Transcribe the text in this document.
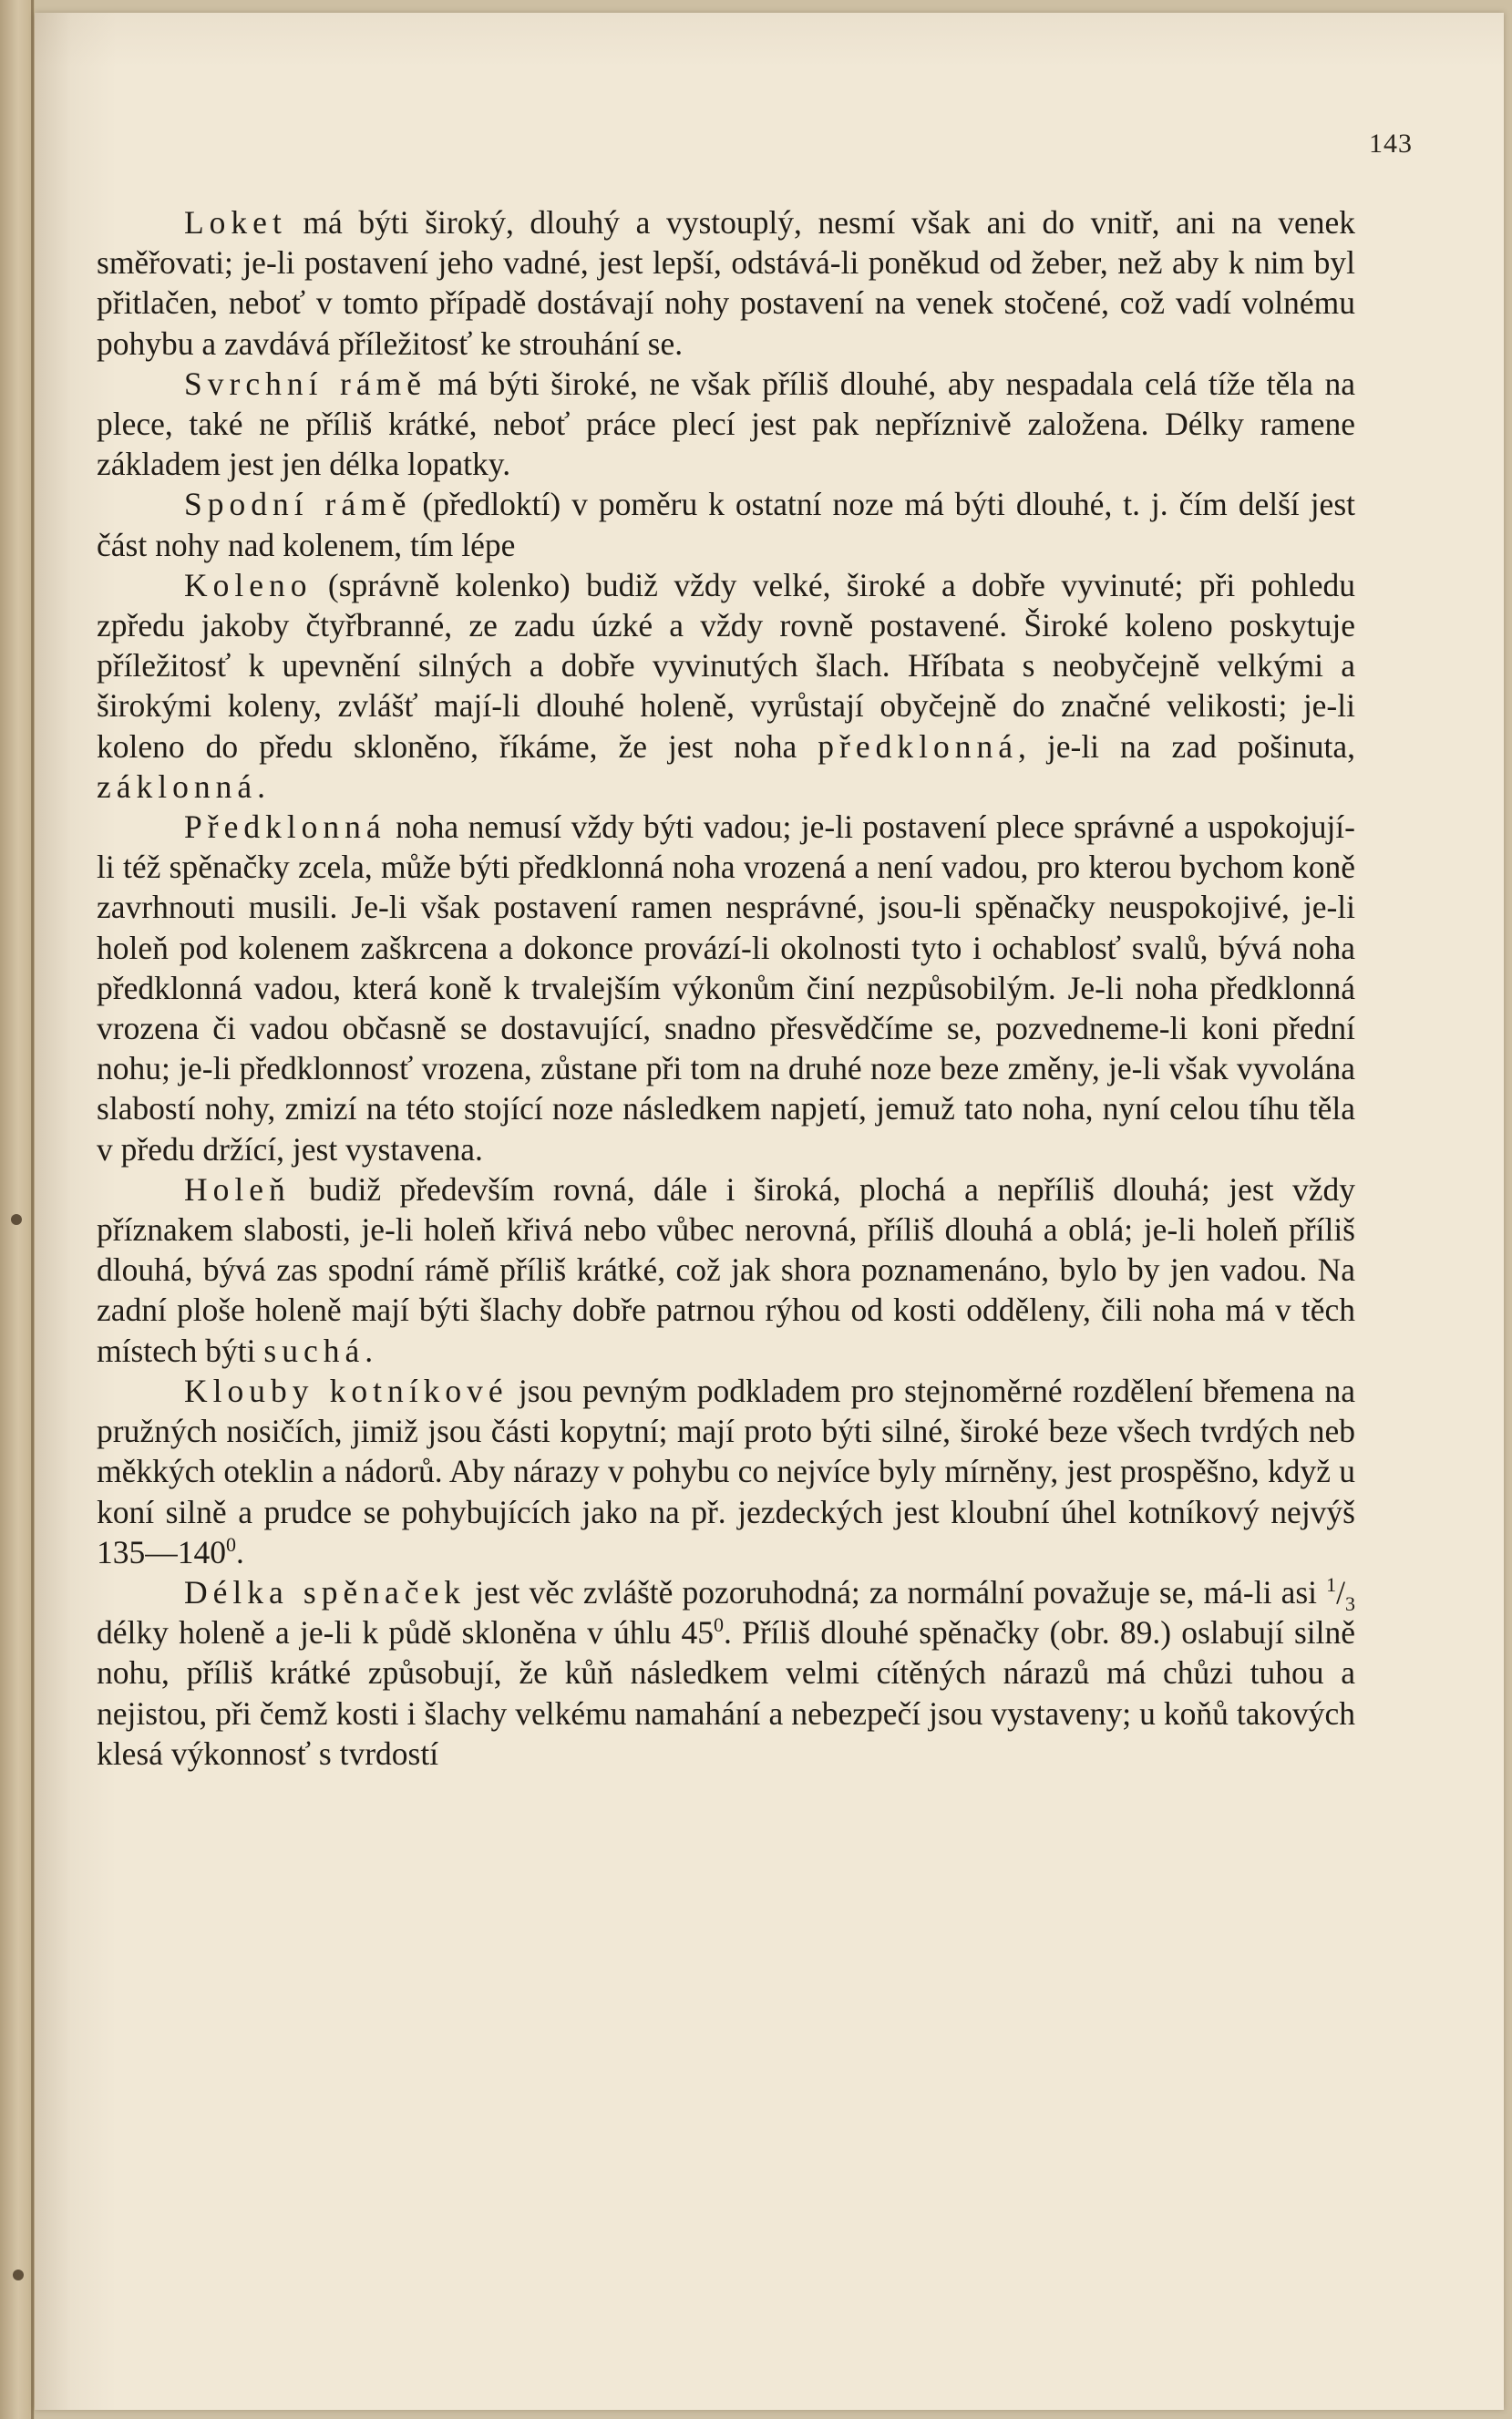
143

Loket má býti široký, dlouhý a vystouplý, nesmí však ani do vnitř, ani na venek směřovati; je-li postavení jeho vadné, jest lepší, odstává-li poněkud od žeber, než aby k nim byl přitlačen, neboť v tomto případě dostávají nohy postavení na venek stočené, což vadí volnému pohybu a zavdává příležitosť ke strouhání se.

Svrchní rámě má býti široké, ne však příliš dlouhé, aby nespadala celá tíže těla na plece, také ne příliš krátké, neboť práce plecí jest pak nepříznivě založena. Délky ramene základem jest jen délka lopatky.

Spodní rámě (předloktí) v poměru k ostatní noze má býti dlouhé, t. j. čím delší jest část nohy nad kolenem, tím lépe

Koleno (správně kolenko) budiž vždy velké, široké a dobře vyvinuté; při pohledu zpředu jakoby čtyřbranné, ze zadu úzké a vždy rovně postavené. Široké koleno poskytuje příležitosť k upevnění silných a dobře vyvinutých šlach. Hříbata s neobyčejně velkými a širokými koleny, zvlášť mají-li dlouhé holeně, vyrůstají obyčejně do značné velikosti; je-li koleno do předu skloněno, říkáme, že jest noha předklonná, je-li na zad pošinuta, záklonná.

Předklonná noha nemusí vždy býti vadou; je-li postavení plece správné a uspokojují-li též spěnačky zcela, může býti předklonná noha vrozená a není vadou, pro kterou bychom koně zavrhnouti musili. Je-li však postavení ramen nesprávné, jsou-li spěnačky neuspokojivé, je-li holeň pod kolenem zaškrcena a dokonce provází-li okolnosti tyto i ochablosť svalů, bývá noha předklonná vadou, která koně k trvalejším výkonům činí nezpůsobilým. Je-li noha předklonná vrozena či vadou občasně se dostavující, snadno přesvědčíme se, pozvedneme-li koni přední nohu; je-li předklonnosť vrozena, zůstane při tom na druhé noze beze změny, je-li však vyvolána slabostí nohy, zmizí na této stojící noze následkem napjetí, jemuž tato noha, nyní celou tíhu těla v předu držící, jest vystavena.

Holeň budiž především rovná, dále i široká, plochá a nepříliš dlouhá; jest vždy příznakem slabosti, je-li holeň křivá nebo vůbec nerovná, příliš dlouhá a oblá; je-li holeň příliš dlouhá, bývá zas spodní rámě příliš krátké, což jak shora poznamenáno, bylo by jen vadou. Na zadní ploše holeně mají býti šlachy dobře patrnou rýhou od kosti odděleny, čili noha má v těch místech býti suchá.

Klouby kotníkové jsou pevným podkladem pro stejnoměrné rozdělení břemena na pružných nosičích, jimiž jsou části kopytní; mají proto býti silné, široké beze všech tvrdých neb měkkých oteklin a nádorů. Aby nárazy v pohybu co nejvíce byly mírněny, jest prospěšno, když u koní silně a prudce se pohybujících jako na př. jezdeckých jest kloubní úhel kotníkový nejvýš $135—140^0$.

Délka spěnaček jest věc zvláště pozoruhodná; za normální považuje se, má-li asi $^1/_3$ délky holeně a je-li k půdě skloněna v úhlu $45^0$. Příliš dlouhé spěnačky (obr. 89.) oslabují silně nohu, příliš krátké způsobují, že kůň následkem velmi cítěných nárazů má chůzi tuhou a nejistou, při čemž kosti i šlachy velkému namahání a nebezpečí jsou vystaveny; u koňů takových klesá výkonnosť s tvrdostí
